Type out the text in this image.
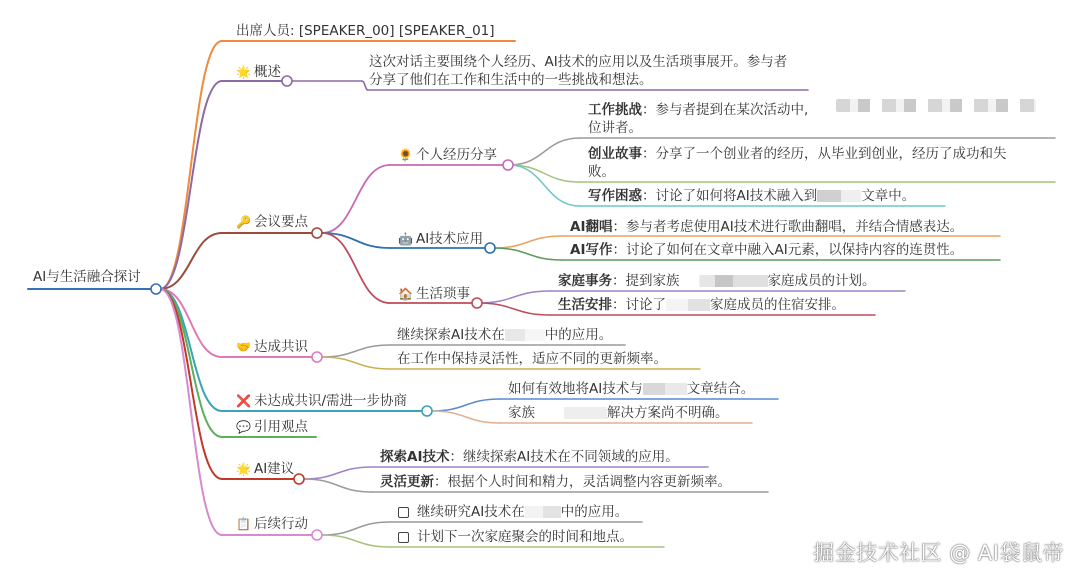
AI与生活融合探讨
出席人员: [SPEAKER_00] [SPEAKER_01]
🌟 概述
这次对话主要围绕个人经历、AI技术的应用以及生活琐事展开。参与者
分享了他们在工作和生活中的一些挑战和想法。
🔑 会议要点
🌻 个人经历分享
工作挑战：参与者提到在某次活动中,
位讲者。
创业故事：分享了一个创业者的经历，从毕业到创业，经历了成功和失
败。
写作困惑：讨论了如何将AI技术融入到	文章中。
🤖 AI技术应用
AI翻唱：参与者考虑使用AI技术进行歌曲翻唱，并结合情感表达。
AI写作：讨论了如何在文章中融入AI元素，以保持内容的连贯性。
🏠 生活琐事
家庭事务：提到家族	家庭成员的计划。
生活安排：讨论了	家庭成员的住宿安排。
🤝 达成共识
继续探索AI技术在	中的应用。
在工作中保持灵活性，适应不同的更新频率。
❌ 未达成共识/需进一步协商
如何有效地将AI技术与	文章结合。
家族	解决方案尚不明确。
💬 引用观点
🌟 AI建议
探索AI技术：继续探索AI技术在不同领域的应用。
灵活更新：根据个人时间和精力，灵活调整内容更新频率。
📋 后续行动
继续研究AI技术在	中的应用。
计划下一次家庭聚会的时间和地点。
掘金技术社区 @ AI袋鼠帝
